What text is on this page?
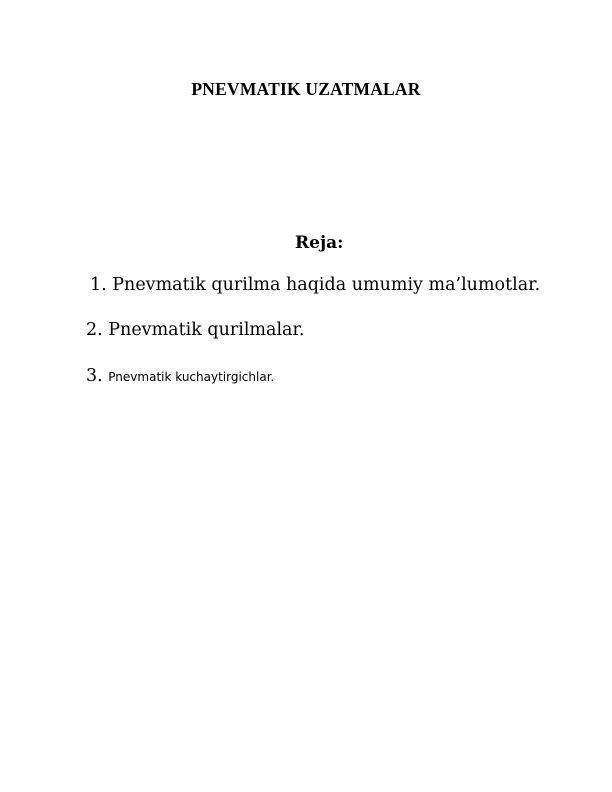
PNEVMATIK UZATMALAR
Reja:

1. Pnevmatik qurilma haqida umumiy ma’lumotlar.

2. Pnevmatik qurilmalar.

3. Pnevmatik kuchaytirgichlar.
